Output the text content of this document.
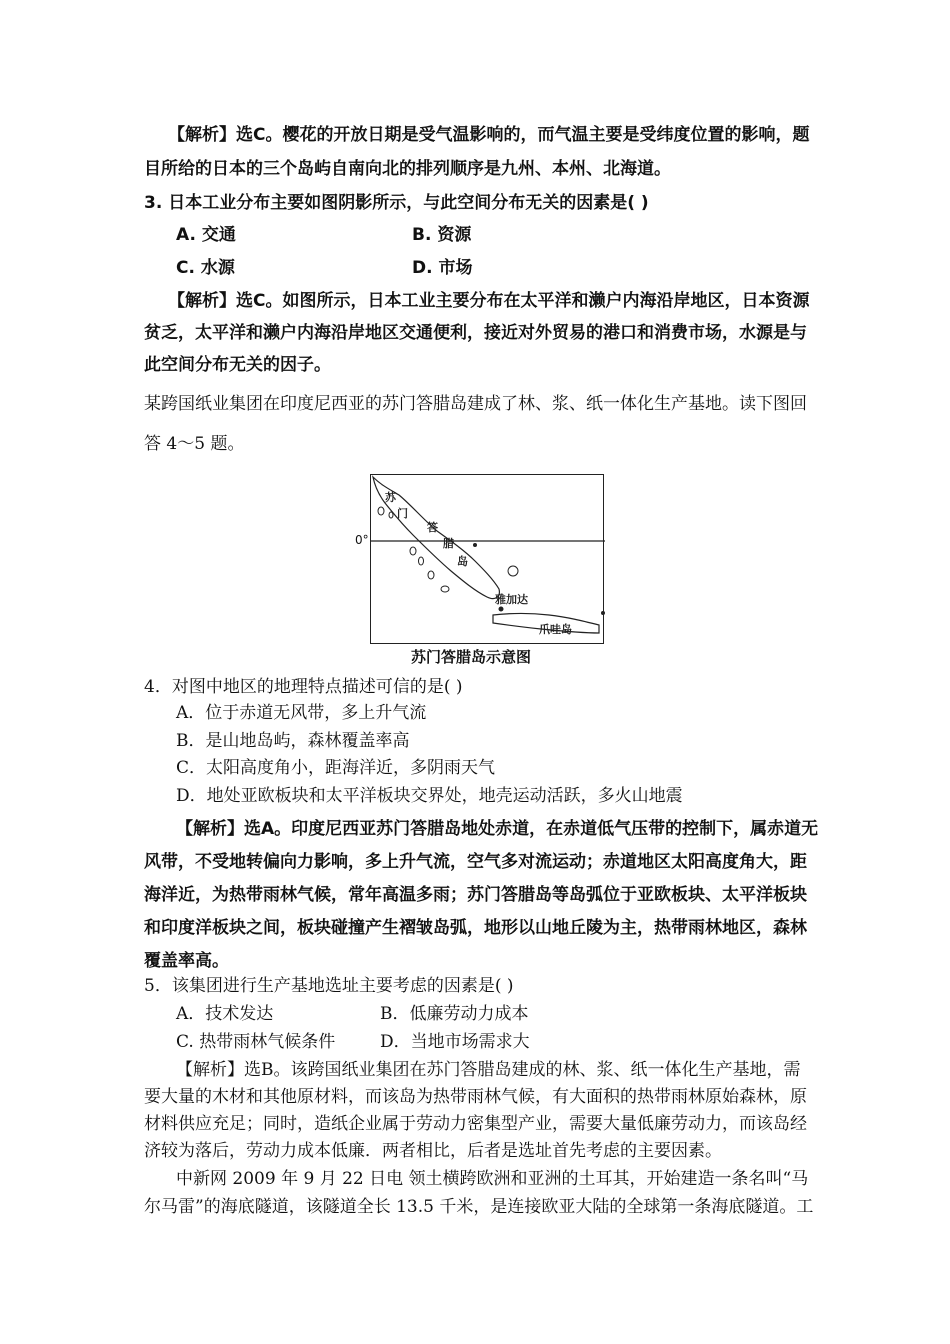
【解析】选C。樱花的开放日期是受气温影响的，而气温主要是受纬度位置的影响，题
目所给的日本的三个岛屿自南向北的排列顺序是九州、本州、北海道。
3. 日本工业分布主要如图阴影所示，与此空间分布无关的因素是( )
A. 交通	B. 资源
C. 水源	D. 市场
【解析】选C。如图所示，日本工业主要分布在太平洋和濑户内海沿岸地区，日本资源
贫乏，太平洋和濑户内海沿岸地区交通便利，接近对外贸易的港口和消费市场，水源是与
此空间分布无关的因子。
某跨国纸业集团在印度尼西亚的苏门答腊岛建成了林、浆、纸一体化生产基地。读下图回
答 4～5 题。
0°
苏
门
答
腊
岛
雅加达
爪哇岛
苏门答腊岛示意图
4．对图中地区的地理特点描述可信的是( )
A．位于赤道无风带，多上升气流
B．是山地岛屿，森林覆盖率高
C．太阳高度角小，距海洋近，多阴雨天气
D．地处亚欧板块和太平洋板块交界处，地壳运动活跃，多火山地震
【解析】选A。印度尼西亚苏门答腊岛地处赤道，在赤道低气压带的控制下，属赤道无
风带，不受地转偏向力影响，多上升气流，空气多对流运动；赤道地区太阳高度角大，距
海洋近，为热带雨林气候，常年高温多雨；苏门答腊岛等岛弧位于亚欧板块、太平洋板块
和印度洋板块之间，板块碰撞产生褶皱岛弧，地形以山地丘陵为主，热带雨林地区，森林
覆盖率高。
5．该集团进行生产基地选址主要考虑的因素是( )
A．技术发达	B．低廉劳动力成本
C. 热带雨林气候条件	D．当地市场需求大
【解析】选B。该跨国纸业集团在苏门答腊岛建成的林、浆、纸一体化生产基地，需
要大量的木材和其他原材料，而该岛为热带雨林气候，有大面积的热带雨林原始森林，原
材料供应充足；同时，造纸企业属于劳动力密集型产业，需要大量低廉劳动力，而该岛经
济较为落后，劳动力成本低廉．两者相比，后者是选址首先考虑的主要因素。
中新网 2009 年 9 月 22 日电 领土横跨欧洲和亚洲的土耳其，开始建造一条名叫“马
尔马雷”的海底隧道，该隧道全长 13.5 千米，是连接欧亚大陆的全球第一条海底隧道。工
